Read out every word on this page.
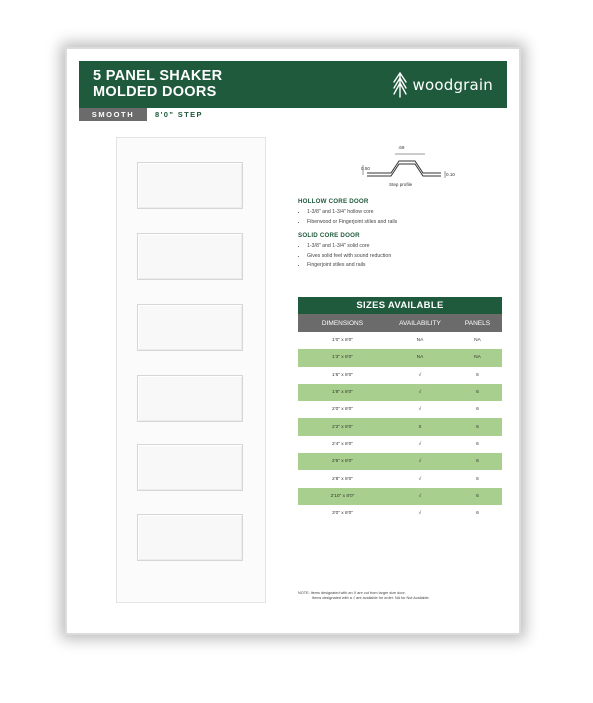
5 PANEL SHAKER
MOLDED DOORS	woodgrain
SMOOTH	8'0" STEP
.69
0.50
0.10
Step profile
HOLLOW CORE DOOR
• 1-3/8" and 1-3/4" hollow core
• Fiberwood or Fingerjoint stiles and rails
SOLID CORE DOOR
• 1-3/8" and 1-3/4" solid core
• Gives solid feel with sound reduction
• Fingerjoint stiles and rails
SIZES AVAILABLE
DIMENSIONS	AVAILABILITY	PANELS
1'0" x 8'0"	NA	NA
1'3" x 8'0"	NA	NA
1'6" x 8'0"	√	6
1'8" x 8'0"	√	6
2'0" x 8'0"	√	6
2'2" x 8'0"	X	6
2'4" x 8'0"	√	6
2'6" x 8'0"	√	6
2'8" x 8'0"	√	6
2'10" x 8'0"	√	6
3'0" x 8'0"	√	6
NOTE: Items designated with an X are cut from larger size door.
Items designated with a √ are available for order. NA for Not Available.
